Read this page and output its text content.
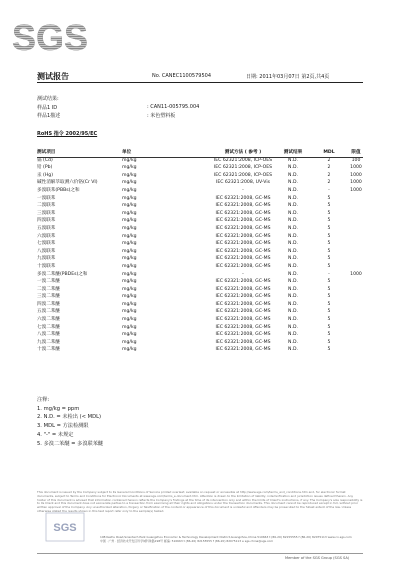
SGS
测试报告	No. CANEC1100579504	日期: 2011年03月07日 第2页,共4页
测试结果:
样品1 ID	: CAN11-005795.004
样品1描述	: 米色塑料板
RoHS 指令 2002/95/EC
测试项目	单位	测试方法 ( 参考 )	测试结果	MDL	限值
镉 (Cd)	mg/kg	IEC 62321:2008, ICP-OES	N.D.	2	100
铅 (Pb)	mg/kg	IEC 62321:2008, ICP-OES	N.D.	2	1000
汞 (Hg)	mg/kg	IEC 62321:2008, ICP-OES	N.D.	2	1000
碱性消解萃取测六价铬(Cr VI)	mg/kg	IEC 62321:2008, UV-Vis	N.D.	2	1000
多溴联苯(PBBs)之和	mg/kg	-	N.D.	-	1000
一溴联苯	mg/kg	IEC 62321:2008, GC-MS	N.D.	5
二溴联苯	mg/kg	IEC 62321:2008, GC-MS	N.D.	5
三溴联苯	mg/kg	IEC 62321:2008, GC-MS	N.D.	5
四溴联苯	mg/kg	IEC 62321:2008, GC-MS	N.D.	5
五溴联苯	mg/kg	IEC 62321:2008, GC-MS	N.D.	5
六溴联苯	mg/kg	IEC 62321:2008, GC-MS	N.D.	5
七溴联苯	mg/kg	IEC 62321:2008, GC-MS	N.D.	5
八溴联苯	mg/kg	IEC 62321:2008, GC-MS	N.D.	5
九溴联苯	mg/kg	IEC 62321:2008, GC-MS	N.D.	5
十溴联苯	mg/kg	IEC 62321:2008, GC-MS	N.D.	5
多溴二苯醚(PBDEs)之和	mg/kg	-	N.D.	-	1000
一溴二苯醚	mg/kg	IEC 62321:2008, GC-MS	N.D.	5
二溴二苯醚	mg/kg	IEC 62321:2008, GC-MS	N.D.	5
三溴二苯醚	mg/kg	IEC 62321:2008, GC-MS	N.D.	5
四溴二苯醚	mg/kg	IEC 62321:2008, GC-MS	N.D.	5
五溴二苯醚	mg/kg	IEC 62321:2008, GC-MS	N.D.	5
六溴二苯醚	mg/kg	IEC 62321:2008, GC-MS	N.D.	5
七溴二苯醚	mg/kg	IEC 62321:2008, GC-MS	N.D.	5
八溴二苯醚	mg/kg	IEC 62321:2008, GC-MS	N.D.	5
九溴二苯醚	mg/kg	IEC 62321:2008, GC-MS	N.D.	5
十溴二苯醚	mg/kg	IEC 62321:2008, GC-MS	N.D.	5
注释:
1. mg/kg = ppm
2. N.D. = 未检出 (< MDL)
3. MDL = 方法检测限
4. "-" = 未规定
5. 多溴二苯醚 = 多溴联苯醚
This document is issued by the Company subject to its General Conditions of Service printed overleaf, available on request or accessible at http://www.sgs.com/terms_and_conditions.htm and, for electronic format documents, subject to Terms and Conditions for Electronic Documents at www.sgs.com/terms_e-document.htm. Attention is drawn to the limitation of liability, indemnification and jurisdiction issues defined therein. Any holder of this document is advised that information contained hereon reflects the Company's findings at the time of its intervention only and within the limits of Client's instructions, if any. The Company's sole responsibility is to its Client and this document does not exonerate parties to a transaction from exercising all their rights and obligations under the transaction documents. This document cannot be reproduced except in full, without prior written approval of the Company. Any unauthorized alteration, forgery or falsification of the content or appearance of this document is unlawful and offenders may be prosecuted to the fullest extent of the law. Unless otherwise stated the results shown in this test report refer only to the sample(s) tested.
SGS
198 Kezhu Road,Scientech Park Guangzhou Economic & Technology Development District,Guangzhou,China 510663 t (86-20) 82155555 f (86-20) 82075113 www.cn.sgs.com
中国 · 广州 · 经济技术开发区科学城科珠路198号 邮编: 510663 t (86-20) 82155555 f (86-20) 82075113 e sgs.china@sgs.com
Member of the SGS Group (SGS SA)
